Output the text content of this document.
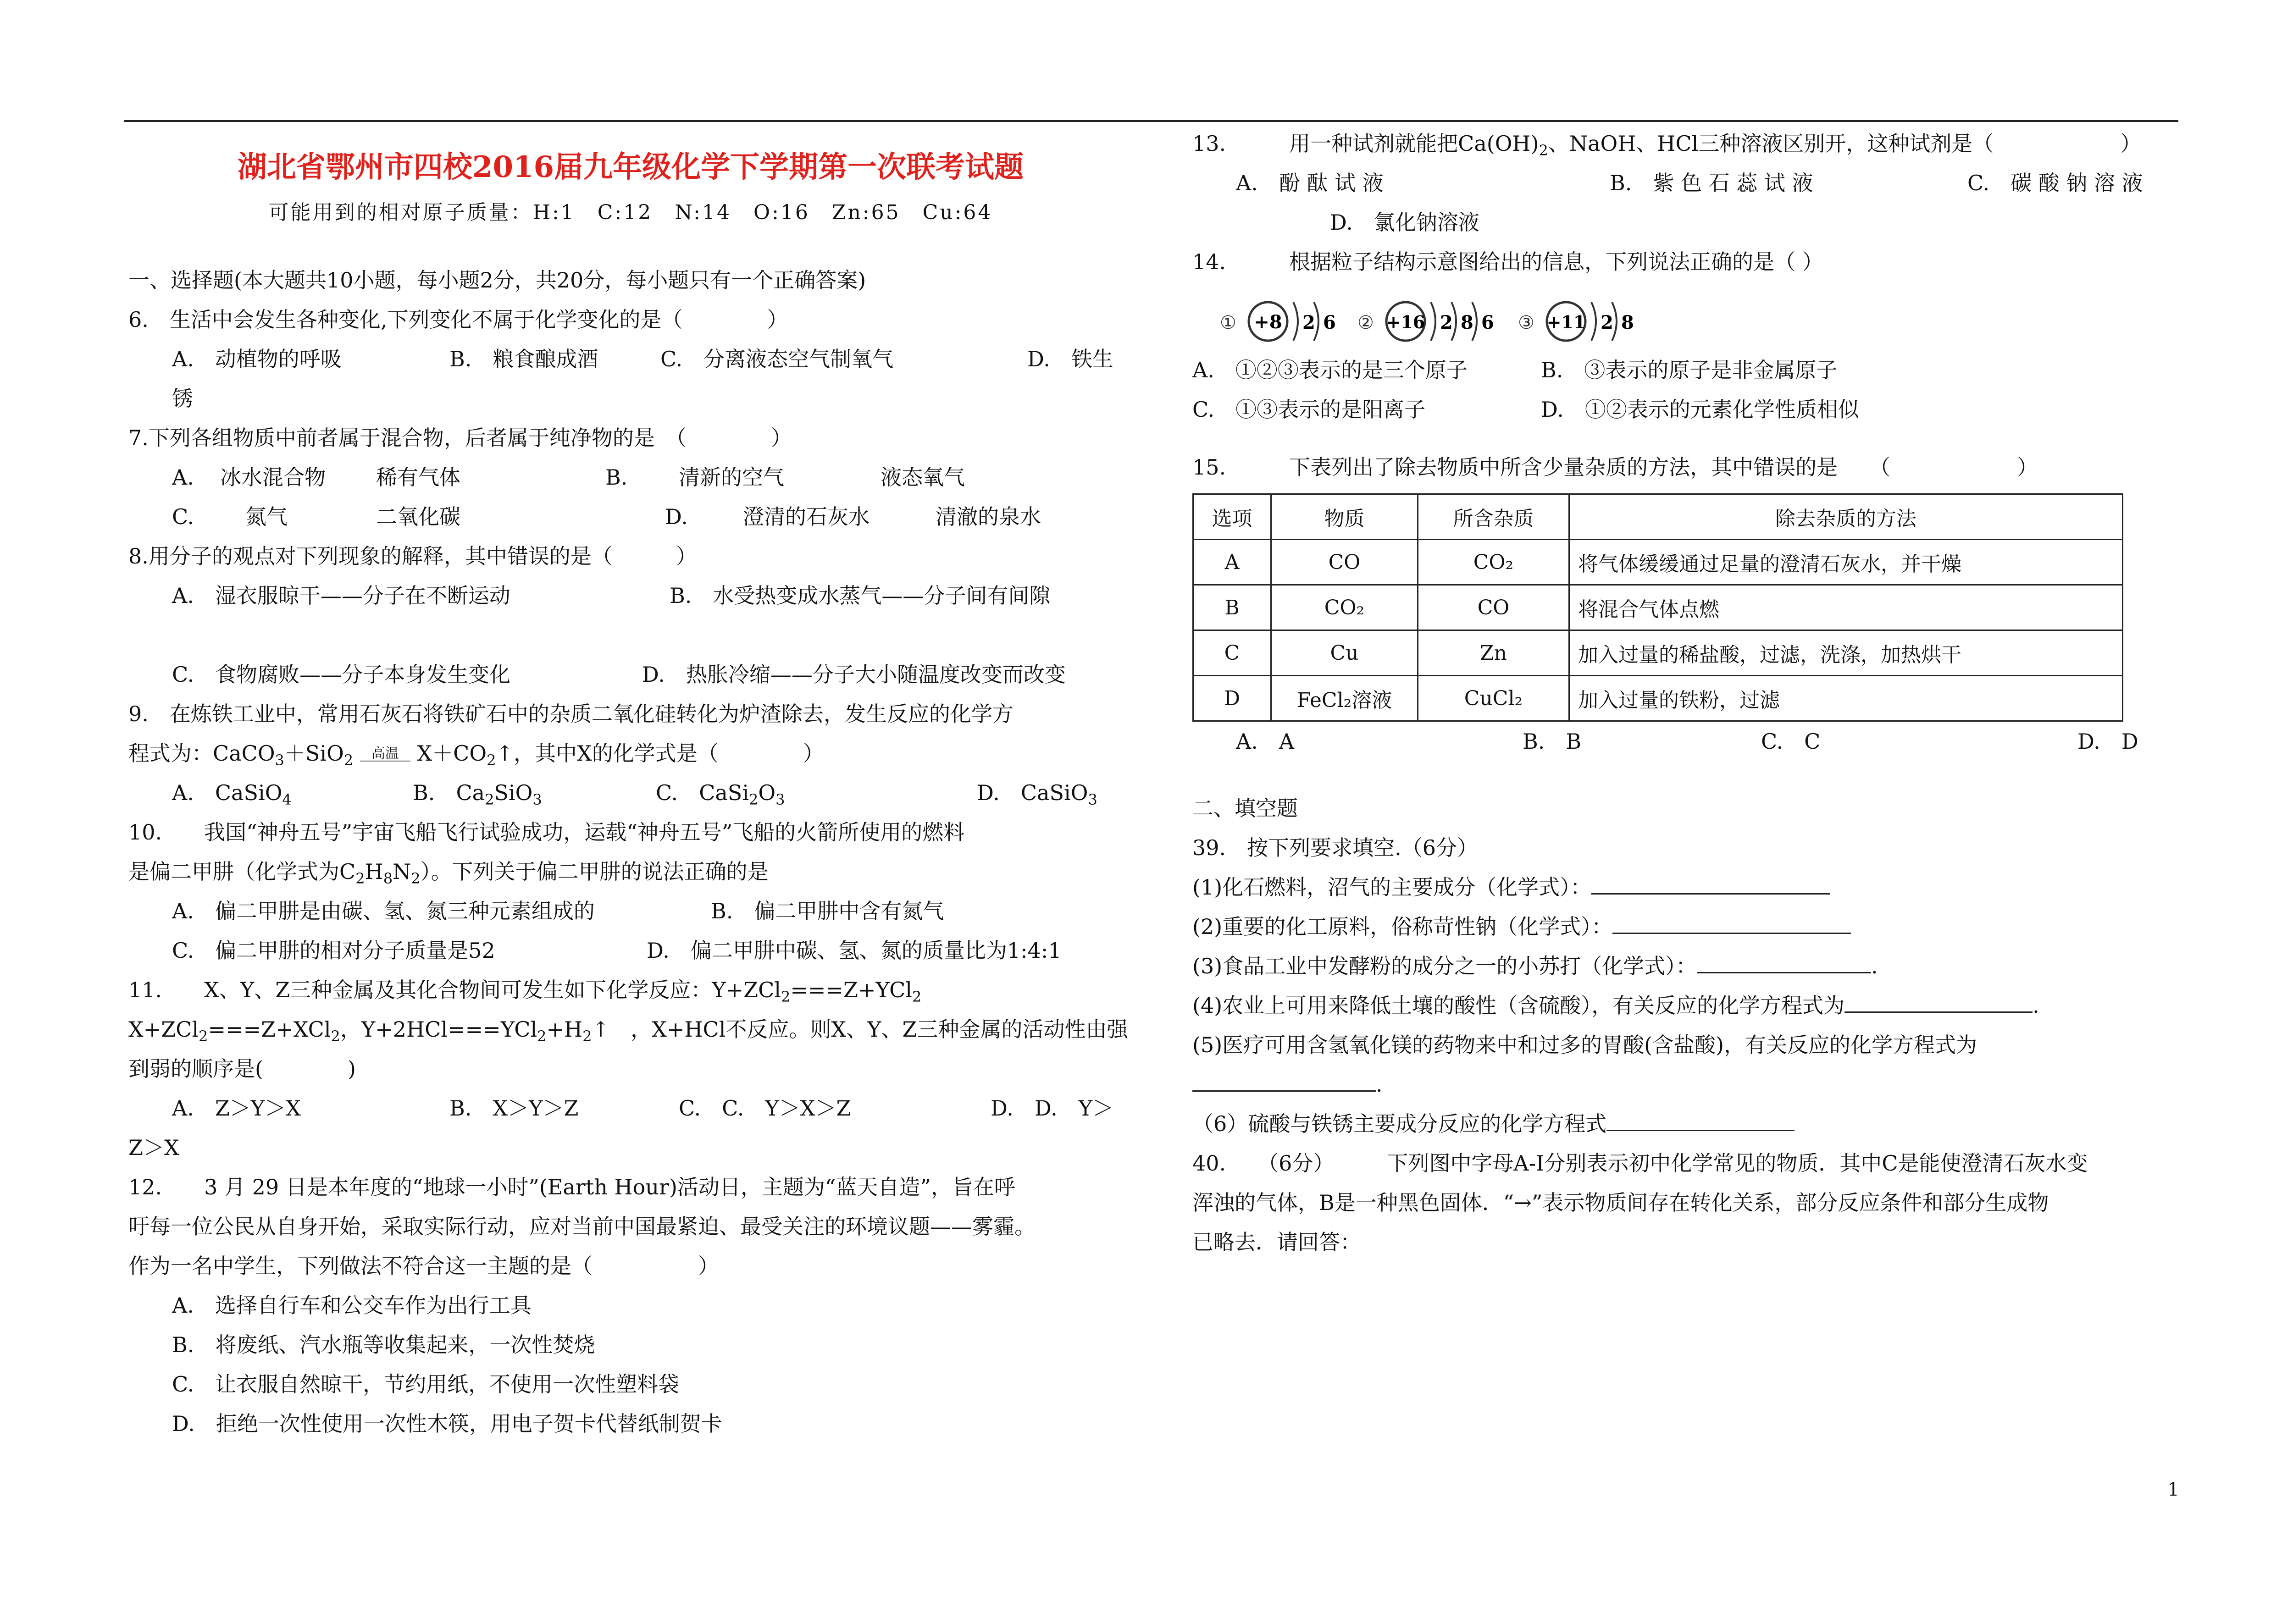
湖北省鄂州市四校2016届九年级化学下学期第一次联考试题
可能用到的相对原子质量：H:1　C:12　N:14　O:16　Zn:65　Cu:64
一、选择题(本大题共10小题，每小题2分，共20分，每小题只有一个正确答案)
6.　生活中会发生各种变化,下列变化不属于化学变化的是（　　　　）
A.　动植物的呼吸	B.　粮食酿成酒	C.　分离液态空气制氧气	D.　铁生
锈
7.下列各组物质中前者属于混合物，后者属于纯净物的是　（　　　　）
A. 冰水混合物 稀有气体	B. 清新的空气	液态氧气
C. 氮气	二氧化碳	D.	澄清的石灰水	清澈的泉水
8.用分子的观点对下列现象的解释，其中错误的是（　　　）
A.　湿衣服晾干——分子在不断运动	B.　水受热变成水蒸气——分子间有间隙
C.　食物腐败——分子本身发生变化	D.　热胀冷缩——分子大小随温度改变而改变
9.　在炼铁工业中，常用石灰石将铁矿石中的杂质二氧化硅转化为炉渣除去，发生反应的化学方
程式为：CaCO$_3$＋SiO$_2$ 高温 $X+CO_2↑$，其中X的化学式是（　　　　）
A.　 CaSiO$_4$	B.　 $Ca_2SiO_3$	C.　 $CaSi_2O_3$	D.　 CaSiO$_3$
10.　　我国“神舟五号”宇宙飞船飞行试验成功，运载“神舟五号”飞船的火箭所使用的燃料
是偏二甲肼（化学式为$C_2H_8N_2$）。下列关于偏二甲肼的说法正确的是
A.　偏二甲肼是由碳、氢、氮三种元素组成的	B.　偏二甲肼中含有氮气
C.　偏二甲肼的相对分子质量是52	D.　偏二甲肼中碳、氢、氮的质量比为1:4:1
11.　　X、Y、Z三种金属及其化合物间可发生如下化学反应：Y+ZCl$_2$===Z+YCl$_2$
X+ZCl$_2$===Z+XCl$_2$，$Y+2HCl===YCl_2+H_2↑$　，X+HCl不反应。则X、Y、Z三种金属的活动性由强
到弱的顺序是(　　　　)
A.　Z＞Y＞X	B.　X＞Y＞Z	C.　C.　Y＞X＞Z	D.　D.　Y＞
Z＞X
12.　　3 月 29 日是本年度的“地球一小时”(Earth Hour)活动日，主题为“蓝天自造”，旨在呼
吁每一位公民从自身开始，采取实际行动，应对当前中国最紧迫、最受关注的环境议题——雾霾。
作为一名中学生，下列做法不符合这一主题的是（　　　　　）
A.　选择自行车和公交车作为出行工具
B.　将废纸、汽水瓶等收集起来，一次性焚烧
C.　让衣服自然晾干，节约用纸，不使用一次性塑料袋
D.　拒绝一次性使用一次性木筷，用电子贺卡代替纸制贺卡
13.　　　用一种试剂就能把$Ca(OH)_2$、NaOH、HCl三种溶液区别开，这种试剂是（　　　　　　）
A.　酚 酞 试 液	B.　紫 色 石 蕊 试 液	C.　碳 酸 钠 溶 液
D.　氯化钠溶液
14.　　　根据粒子结构示意图给出的信息，下列说法正确的是（ ）
① +8 2 6 ② +16 2 8 6 ③ +11 2 8
A.　①②③表示的是三个原子	B.　③表示的原子是非金属原子
C.　①③表示的是阳离子	D.　①②表示的元素化学性质相似
15.　　　下表列出了除去物质中所含少量杂质的方法，其中错误的是　　（　　　　　　）
选项	物质	所含杂质	除去杂质的方法
A	CO	CO₂	将气体缓缓通过足量的澄清石灰水，并干燥
B	CO₂	CO	将混合气体点燃
C	Cu	Zn	加入过量的稀盐酸，过滤，洗涤，加热烘干
D	FeCl₂溶液	CuCl₂	加入过量的铁粉，过滤
A.　A	B.　B	C.　C	D.　D
二、填空题
39.　按下列要求填空.（6分）
(1)化石燃料，沼气的主要成分（化学式）：
(2)重要的化工原料，俗称苛性钠（化学式）：
(3)食品工业中发酵粉的成分之一的小苏打（化学式）：	.
(4)农业上可用来降低土壤的酸性（含硫酸），有关反应的化学方程式为	.
(5)医疗可用含氢氧化镁的药物来中和过多的胃酸(含盐酸)，有关反应的化学方程式为
.
（6）硫酸与铁锈主要成分反应的化学方程式
40.　　（6分）　　　下列图中字母A-I分别表示初中化学常见的物质．其中C是能使澄清石灰水变
浑浊的气体，B是一种黑色固体．“→”表示物质间存在转化关系，部分反应条件和部分生成物
已略去．请回答：
1
